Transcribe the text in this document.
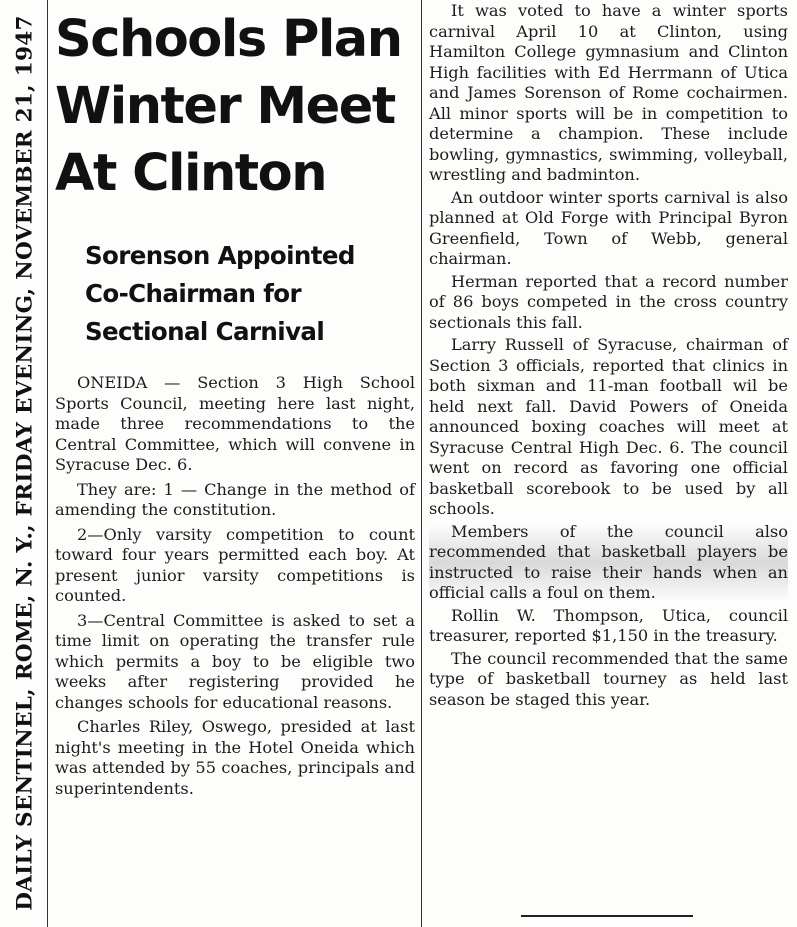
DAILY SENTINEL, ROME, N. Y., FRIDAY EVENING, NOVEMBER 21, 1947 Schools Plan
Winter Meet
At Clinton
Sorenson Appointed
Co-Chairman for
Sectional Carnival

ONEIDA — Section 3 High School Sports Council, meeting here last night, made three recommendations to the Central Committee, which will convene in Syracuse Dec. 6.

They are: 1 — Change in the method of amending the constitution.

2—Only varsity competition to count toward four years permitted each boy. At present junior varsity competitions is counted.

3—Central Committee is asked to set a time limit on operating the transfer rule which permits a boy to be eligible two weeks after registering provided he changes schools for educational reasons.

Charles Riley, Oswego, presided at last night's meeting in the Hotel Oneida which was attended by 55 coaches, principals and superintendents.

It was voted to have a winter sports carnival April 10 at Clinton, using Hamilton College gymnasium and Clinton High facilities with Ed Herrmann of Utica and James Sorenson of Rome cochairmen. All minor sports will be in competition to determine a champion. These include bowling, gymnastics, swimming, volleyball, wrestling and badminton.

An outdoor winter sports carnival is also planned at Old Forge with Principal Byron Greenfield, Town of Webb, general chairman.

Herman reported that a record number of 86 boys competed in the cross country sectionals this fall.

Larry Russell of Syracuse, chairman of Section 3 officials, reported that clinics in both sixman and 11-man football wil be held next fall. David Powers of Oneida announced boxing coaches will meet at Syracuse Central High Dec. 6. The council went on record as favoring one official basketball scorebook to be used by all schools.

Members of the council also recommended that basketball players be instructed to raise their hands when an official calls a foul on them.

Rollin W. Thompson, Utica, council treasurer, reported $1,150 in the treasury.

The council recommended that the same type of basketball tourney as held last season be staged this year.
